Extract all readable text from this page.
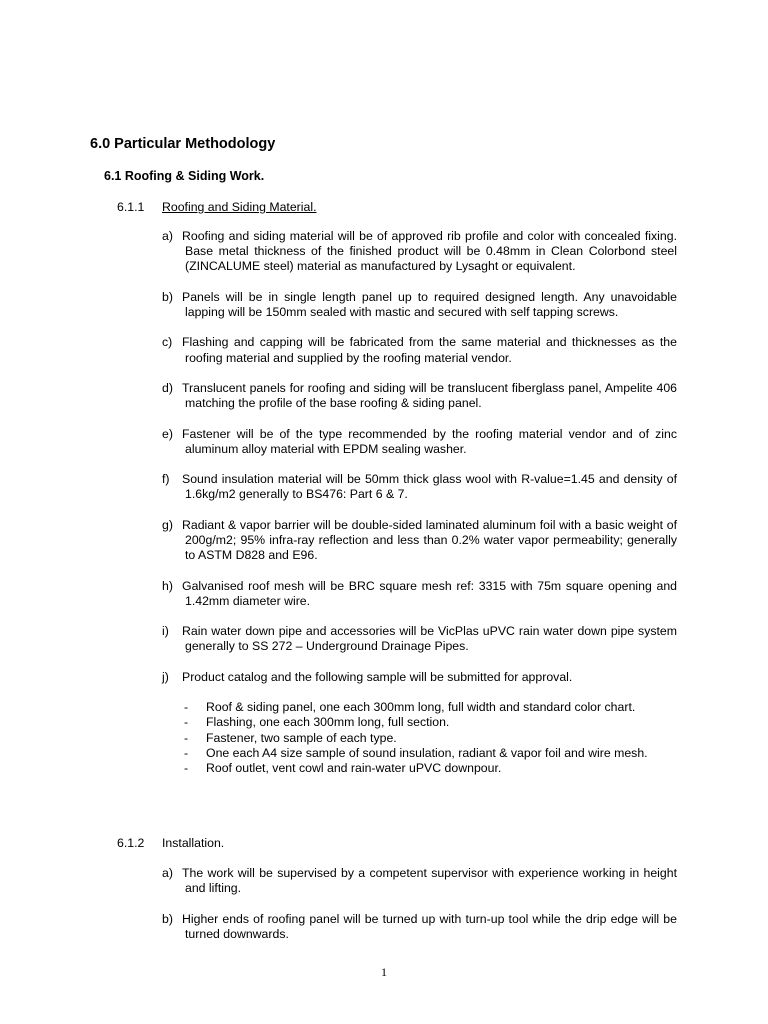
6.0 Particular Methodology
6.1 Roofing & Siding Work.
6.1.1 Roofing and Siding Material.
a) Roofing and siding material will be of approved rib profile and color with concealed fixing. Base metal thickness of the finished product will be 0.48mm in Clean Colorbond steel (ZINCALUME steel) material as manufactured by Lysaght or equivalent.
b) Panels will be in single length panel up to required designed length. Any unavoidable lapping will be 150mm sealed with mastic and secured with self tapping screws.
c) Flashing and capping will be fabricated from the same material and thicknesses as the roofing material and supplied by the roofing material vendor.
d) Translucent panels for roofing and siding will be translucent fiberglass panel, Ampelite 406 matching the profile of the base roofing & siding panel.
e) Fastener will be of the type recommended by the roofing material vendor and of zinc aluminum alloy material with EPDM sealing washer.
f)	Sound insulation material will be 50mm thick glass wool with R-value=1.45 and density of 1.6kg/m2 generally to BS476: Part 6 & 7.
g) Radiant & vapor barrier will be double-sided laminated aluminum foil with a basic weight of 200g/m2; 95% infra-ray reflection and less than 0.2% water vapor permeability; generally to ASTM D828 and E96.
h) Galvanised roof mesh will be BRC square mesh ref: 3315 with 75m square opening and 1.42mm diameter wire.
i)	Rain water down pipe and accessories will be VicPlas uPVC rain water down pipe system generally to SS 272 – Underground Drainage Pipes.
j)	Product catalog and the following sample will be submitted for approval.
-	Roof & siding panel, one each 300mm long, full width and standard color chart.
-	Flashing, one each 300mm long, full section.
-	Fastener, two sample of each type.
-	One each A4 size sample of sound insulation, radiant & vapor foil and wire mesh.
-	Roof outlet, vent cowl and rain-water uPVC downpour.
6.1.2 Installation.
a) The work will be supervised by a competent supervisor with experience working in height and lifting.
b) Higher ends of roofing panel will be turned up with turn-up tool while the drip edge will be turned downwards.
1
